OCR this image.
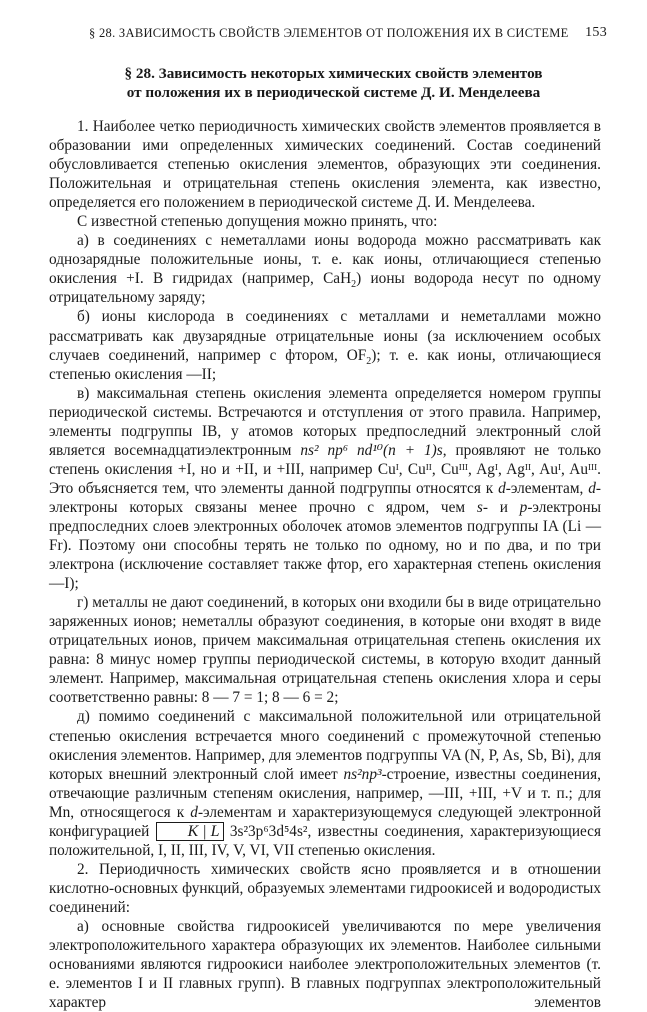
§ 28. ЗАВИСИМОСТЬ СВОЙСТВ ЭЛЕМЕНТОВ ОТ ПОЛОЖЕНИЯ ИХ В СИСТЕМЕ 153
§ 28. Зависимость некоторых химических свойств элементов
от положения их в периодической системе Д. И. Менделеева

1. Наиболее четко периодичность химических свойств элементов проявляется в образовании ими определенных химических соединений. Состав соединений обусловливается степенью окисления элементов, образующих эти соединения. Положительная и отрицательная степень окисления элемента, как известно, определяется его положением в периодической системе Д. И. Менделеева.

С известной степенью допущения можно принять, что:

а) в соединениях с неметаллами ионы водорода можно рассматривать как однозарядные положительные ионы, т. е. как ионы, отличающиеся степенью окисления +I. В гидридах (например, CaH$_2$) ионы водорода несут по одному отрицательному заряду;

б) ионы кислорода в соединениях с металлами и неметаллами можно рассматривать как двузарядные отрицательные ионы (за исключением особых случаев соединений, например с фтором, $OF_2$); т. е. как ионы, отличающиеся степенью окисления —II;

в) максимальная степень окисления элемента определяется номером группы периодической системы. Встречаются и отступления от этого правила. Например, элементы подгруппы IB, у атомов которых предпоследний электронный слой является восемнадцатиэлектронным ns² np⁶ nd¹⁰(n + 1)s, проявляют не только степень окисления +I, но и +II, и +III, например Cuᴵ, Cuᴵᴵ, Cuᴵᴵᴵ, Agᴵ, Agᴵᴵ, Auᴵ, Auᴵᴵᴵ. Это объясняется тем, что элементы данной подгруппы относятся к d-элементам, d-электроны которых связаны менее прочно с ядром, чем s- и p-электроны предпоследних слоев электронных оболочек атомов элементов подгруппы IA (Li — Fr). Поэтому они способны терять не только по одному, но и по два, и по три электрона (исключение составляет также фтор, его характерная степень окисления —I);

г) металлы не дают соединений, в которых они входили бы в виде отрицательно заряженных ионов; неметаллы образуют соединения, в которые они входят в виде отрицательных ионов, причем максимальная отрицательная степень окисления их равна: 8 минус номер группы периодической системы, в которую входит данный элемент. Например, максимальная отрицательная степень окисления хлора и серы соответственно равны: 8 — 7 = 1; 8 — 6 = 2;

д) помимо соединений с максимальной положительной или отрицательной степенью окисления встречается много соединений с промежуточной степенью окисления элементов. Например, для элементов подгруппы VA (N, P, As, Sb, Bi), для которых внешний электронный слой имеет ns²np³-строение, известны соединения, отвечающие различным степеням окисления, например, —III, +III, +V и т. п.; для Mn, относящегося к d-элементам и характеризующемуся следующей электронной конфигурацией K | L 3s²3p⁶3d⁵4s², известны соединения, характеризующиеся положительной, I, II, III, IV, V, VI, VII степенью окисления.

2. Периодичность химических свойств ясно проявляется и в отношении кислотно-основных функций, образуемых элементами гидроокисей и водородистых соединений:

а) основные свойства гидроокисей увеличиваются по мере увеличения электроположительного характера образующих их элементов. Наиболее сильными основаниями являются гидроокиси наиболее электроположительных элементов (т. е. элементов I и II главных групп). В главных подгруппах электроположительный характер элементов
